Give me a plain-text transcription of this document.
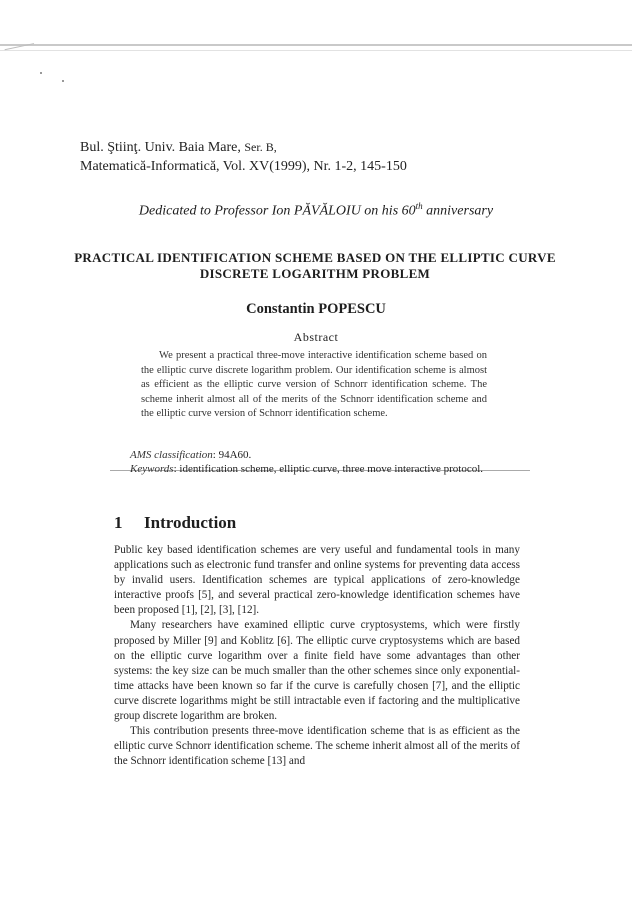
Bul. Ştiinţ. Univ. Baia Mare, Ser. B,
Matematică-Informatică, Vol. XV(1999), Nr. 1-2, 145-150
Dedicated to Professor Ion PĂVĂLOIU on his 60th anniversary
PRACTICAL IDENTIFICATION SCHEME BASED ON THE ELLIPTIC CURVE DISCRETE LOGARITHM PROBLEM
Constantin POPESCU
Abstract
We present a practical three-move interactive identification scheme based on the elliptic curve discrete logarithm problem. Our identification scheme is almost as efficient as the elliptic curve version of Schnorr identification scheme. The scheme inherit almost all of the merits of the Schnorr identification scheme and the elliptic curve version of Schnorr identification scheme.
AMS classification: 94A60.
Keywords: identification scheme, elliptic curve, three move interactive protocol.
1 Introduction

Public key based identification schemes are very useful and fundamental tools in many applications such as electronic fund transfer and online systems for preventing data access by invalid users. Identification schemes are typical applications of zero-knowledge interactive proofs [5], and several practical zero-knowledge identification schemes have been proposed [1], [2], [3], [12].

Many researchers have examined elliptic curve cryptosystems, which were firstly proposed by Miller [9] and Koblitz [6]. The elliptic curve cryptosystems which are based on the elliptic curve logarithm over a finite field have some advantages than other systems: the key size can be much smaller than the other schemes since only exponential-time attacks have been known so far if the curve is carefully chosen [7], and the elliptic curve discrete logarithms might be still intractable even if factoring and the multiplicative group discrete logarithm are broken.

This contribution presents three-move identification scheme that is as efficient as the elliptic curve Schnorr identification scheme. The scheme inherit almost all of the merits of the Schnorr identification scheme [13] and
